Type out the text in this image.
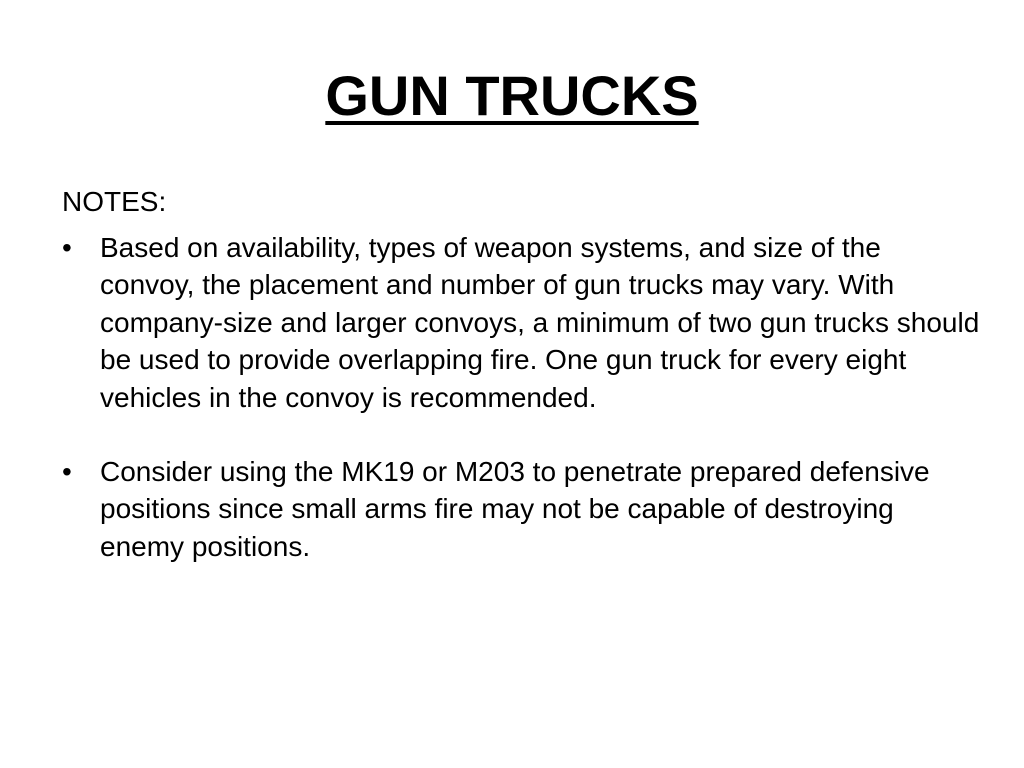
GUN TRUCKS

NOTES:

•	Based on availability, types of weapon systems, and size of the convoy, the placement and number of gun trucks may vary. With company-size and larger convoys, a minimum of two gun trucks should be used to provide overlapping fire. One gun truck for every eight vehicles in the convoy is recommended.
•	Consider using the MK19 or M203 to penetrate prepared defensive positions since small arms fire may not be capable of destroying enemy positions.
